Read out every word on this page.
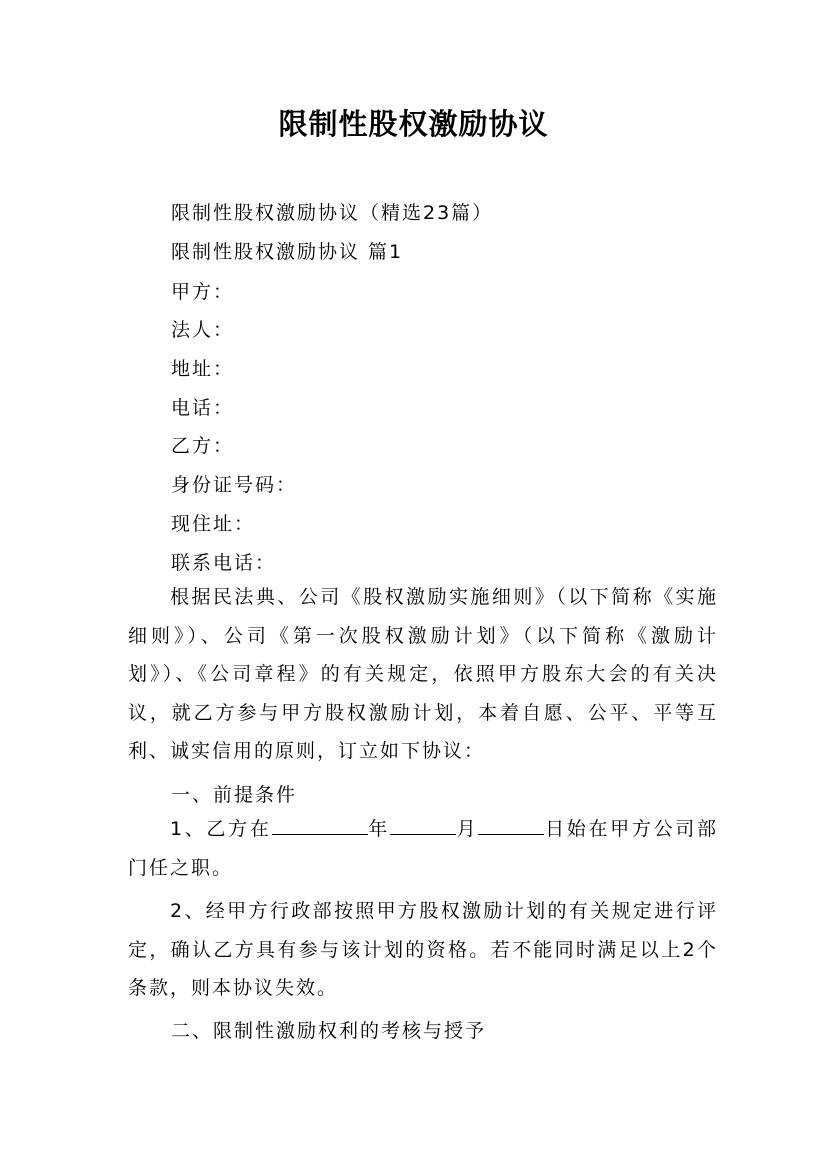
限制性股权激励协议
限制性股权激励协议（精选23篇）
限制性股权激励协议 篇1
甲方：
法人：
地址：
电话：
乙方：
身份证号码：
现住址：
联系电话：
根据民法典、公司《股权激励实施细则》（以下简称《实施细则》）、公司《第一次股权激励计划》（以下简称《激励计划》）、《公司章程》的有关规定，依照甲方股东大会的有关决议，就乙方参与甲方股权激励计划，本着自愿、公平、平等互利、诚实信用的原则，订立如下协议：
一、前提条件
1、乙方在	年	月	日始在甲方公司部门任之职。
2、经甲方行政部按照甲方股权激励计划的有关规定进行评定，确认乙方具有参与该计划的资格。若不能同时满足以上2个条款，则本协议失效。
二、限制性激励权利的考核与授予
